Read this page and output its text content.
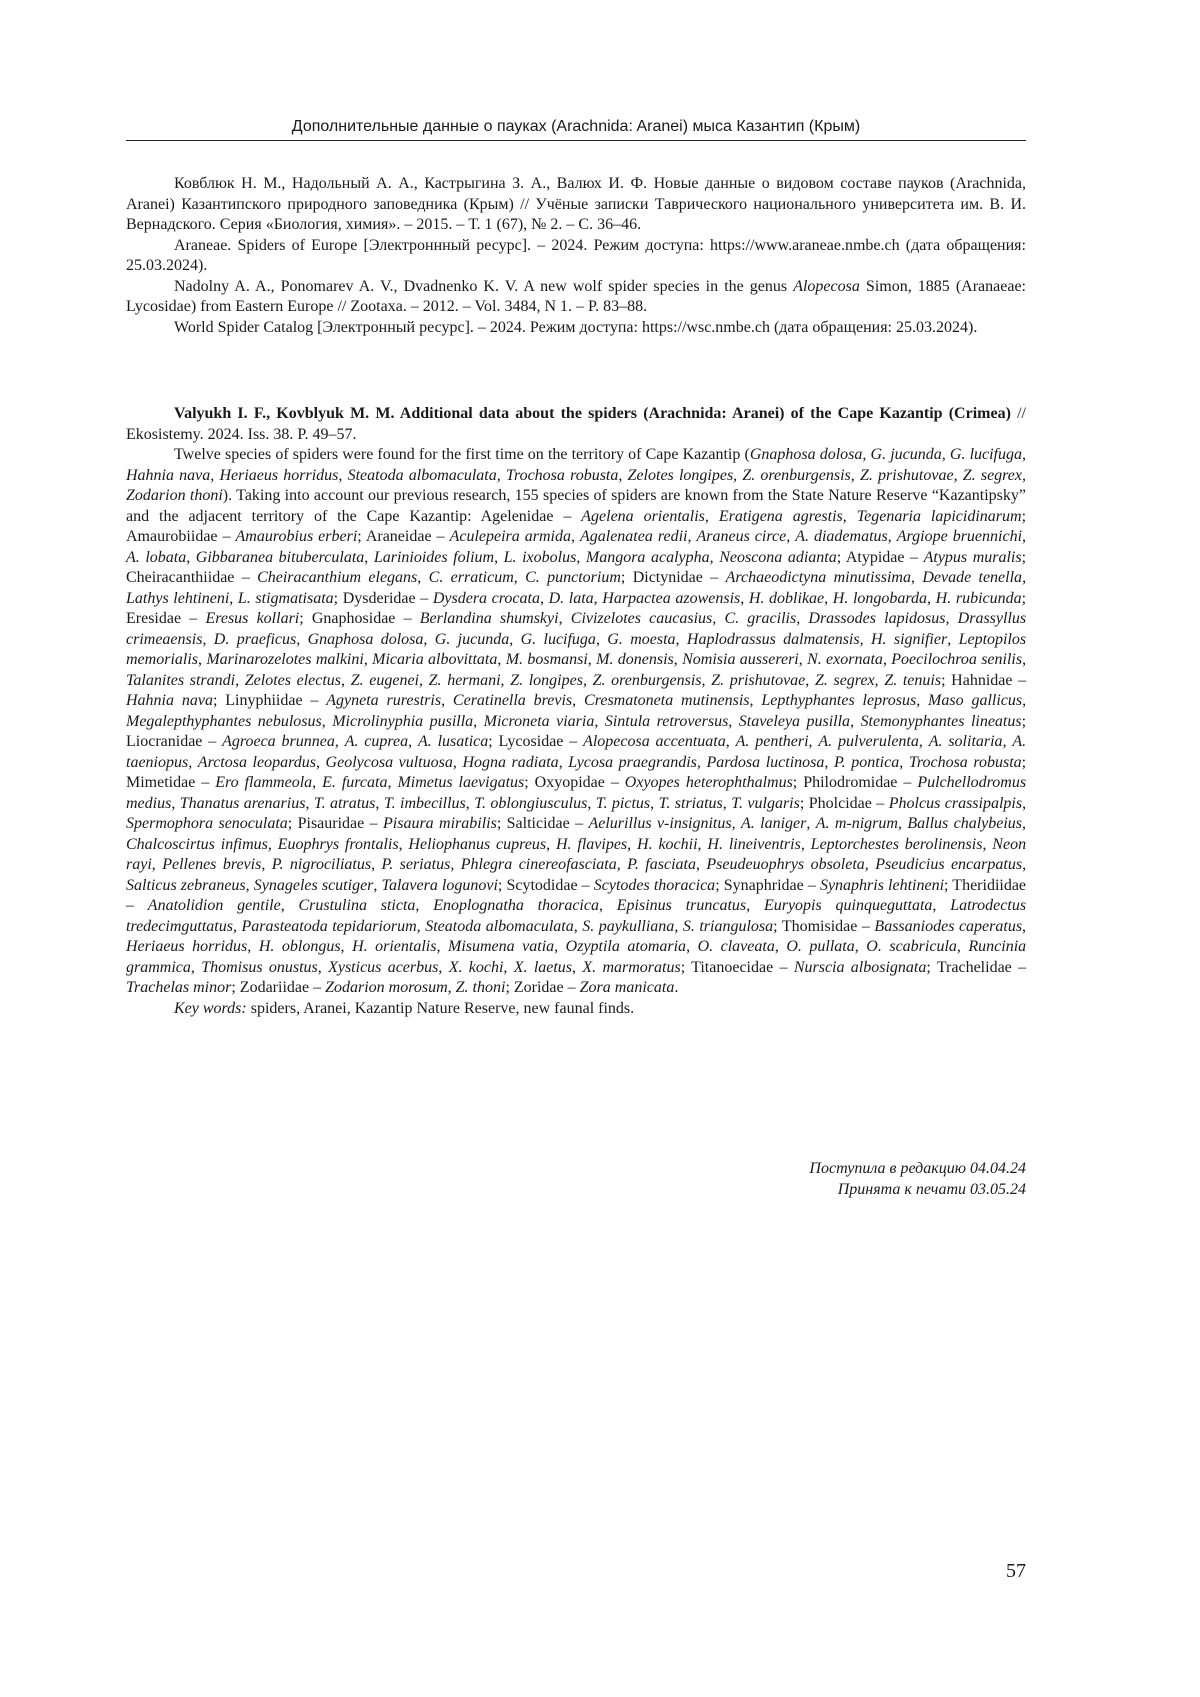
Дополнительные данные о пауках (Arachnida: Aranei) мыса Казантип (Крым)

Ковблюк Н. М., Надольный А. А., Кастрыгина З. А., Валюх И. Ф. Новые данные о видовом составе пауков (Arachnida, Aranei) Казантипского природного заповедника (Крым) // Учёные записки Таврического национального университета им. В. И. Вернадского. Серия «Биология, химия». – 2015. – Т. 1 (67), № 2. – С. 36–46.

Araneae. Spiders of Europe [Электроннный ресурс]. – 2024. Режим доступа: https://www.araneae.nmbe.ch (дата обращения: 25.03.2024).

Nadolny A. A., Ponomarev A. V., Dvadnenko K. V. A new wolf spider species in the genus Alopecosa Simon, 1885 (Aranaeae: Lycosidae) from Eastern Europe // Zootaxa. – 2012. – Vol. 3484, N 1. – P. 83–88.

World Spider Catalog [Электронный ресурс]. – 2024. Режим доступа: https://wsc.nmbe.ch (дата обращения: 25.03.2024).

Valyukh I. F., Kovblyuk M. M. Additional data about the spiders (Arachnida: Aranei) of the Cape Kazantip (Crimea) // Ekosistemy. 2024. Iss. 38. P. 49–57.

Twelve species of spiders were found for the first time on the territory of Cape Kazantip (Gnaphosa dolosa, G. jucunda, G. lucifuga, Hahnia nava, Heriaeus horridus, Steatoda albomaculata, Trochosa robusta, Zelotes longipes, Z. orenburgensis, Z. prishutovae, Z. segrex, Zodarion thoni). Taking into account our previous research, 155 species of spiders are known from the State Nature Reserve “Kazantipsky” and the adjacent territory of the Cape Kazantip: Agelenidae – Agelena orientalis, Eratigena agrestis, Tegenaria lapicidinarum; Amaurobiidae – Amaurobius erberi; Araneidae – Aculepeira armida, Agalenatea redii, Araneus circe, A. diadematus, Argiope bruennichi, A. lobata, Gibbaranea bituberculata, Larinioides folium, L. ixobolus, Mangora acalypha, Neoscona adianta; Atypidae – Atypus muralis; Cheiracanthiidae – Cheiracanthium elegans, C. erraticum, C. punctorium; Dictynidae – Archaeodictyna minutissima, Devade tenella, Lathys lehtineni, L. stigmatisata; Dysderidae – Dysdera crocata, D. lata, Harpactea azowensis, H. doblikae, H. longobarda, H. rubicunda; Eresidae – Eresus kollari; Gnaphosidae – Berlandina shumskyi, Civizelotes caucasius, C. gracilis, Drassodes lapidosus, Drassyllus crimeaensis, D. praeficus, Gnaphosa dolosa, G. jucunda, G. lucifuga, G. moesta, Haplodrassus dalmatensis, H. signifier, Leptopilos memorialis, Marinarozelotes malkini, Micaria albovittata, M. bosmansi, M. donensis, Nomisia aussereri, N. exornata, Poecilochroa senilis, Talanites strandi, Zelotes electus, Z. eugenei, Z. hermani, Z. longipes, Z. orenburgensis, Z. prishutovae, Z. segrex, Z. tenuis; Hahnidae – Hahnia nava; Linyphiidae – Agyneta rurestris, Ceratinella brevis, Cresmatoneta mutinensis, Lepthyphantes leprosus, Maso gallicus, Megalepthyphantes nebulosus, Microlinyphia pusilla, Microneta viaria, Sintula retroversus, Staveleya pusilla, Stemonyphantes lineatus; Liocranidae – Agroeca brunnea, A. cuprea, A. lusatica; Lycosidae – Alopecosa accentuata, A. pentheri, A. pulverulenta, A. solitaria, A. taeniopus, Arctosa leopardus, Geolycosa vultuosa, Hogna radiata, Lycosa praegrandis, Pardosa luctinosa, P. pontica, Trochosa robusta; Mimetidae – Ero flammeola, E. furcata, Mimetus laevigatus; Oxyopidae – Oxyopes heterophthalmus; Philodromidae – Pulchellodromus medius, Thanatus arenarius, T. atratus, T. imbecillus, T. oblongiusculus, T. pictus, T. striatus, T. vulgaris; Pholcidae – Pholcus crassipalpis, Spermophora senoculata; Pisauridae – Pisaura mirabilis; Salticidae – Aelurillus v-insignitus, A. laniger, A. m-nigrum, Ballus chalybeius, Chalcoscirtus infimus, Euophrys frontalis, Heliophanus cupreus, H. flavipes, H. kochii, H. lineiventris, Leptorchestes berolinensis, Neon rayi, Pellenes brevis, P. nigrociliatus, P. seriatus, Phlegra cinereofasciata, P. fasciata, Pseudeuophrys obsoleta, Pseudicius encarpatus, Salticus zebraneus, Synageles scutiger, Talavera logunovi; Scytodidae – Scytodes thoracica; Synaphridae – Synaphris lehtineni; Theridiidae – Anatolidion gentile, Crustulina sticta, Enoplognatha thoracica, Episinus truncatus, Euryopis quinqueguttata, Latrodectus tredecimguttatus, Parasteatoda tepidariorum, Steatoda albomaculata, S. paykulliana, S. triangulosa; Thomisidae – Bassaniodes caperatus, Heriaeus horridus, H. oblongus, H. orientalis, Misumena vatia, Ozyptila atomaria, O. claveata, O. pullata, O. scabricula, Runcinia grammica, Thomisus onustus, Xysticus acerbus, X. kochi, X. laetus, X. marmoratus; Titanoecidae – Nurscia albosignata; Trachelidae – Trachelas minor; Zodariidae – Zodarion morosum, Z. thoni; Zoridae – Zora manicata.

Key words: spiders, Aranei, Kazantip Nature Reserve, new faunal finds.

Поступила в редакцию 04.04.24
Принята к печати 03.05.24
57
